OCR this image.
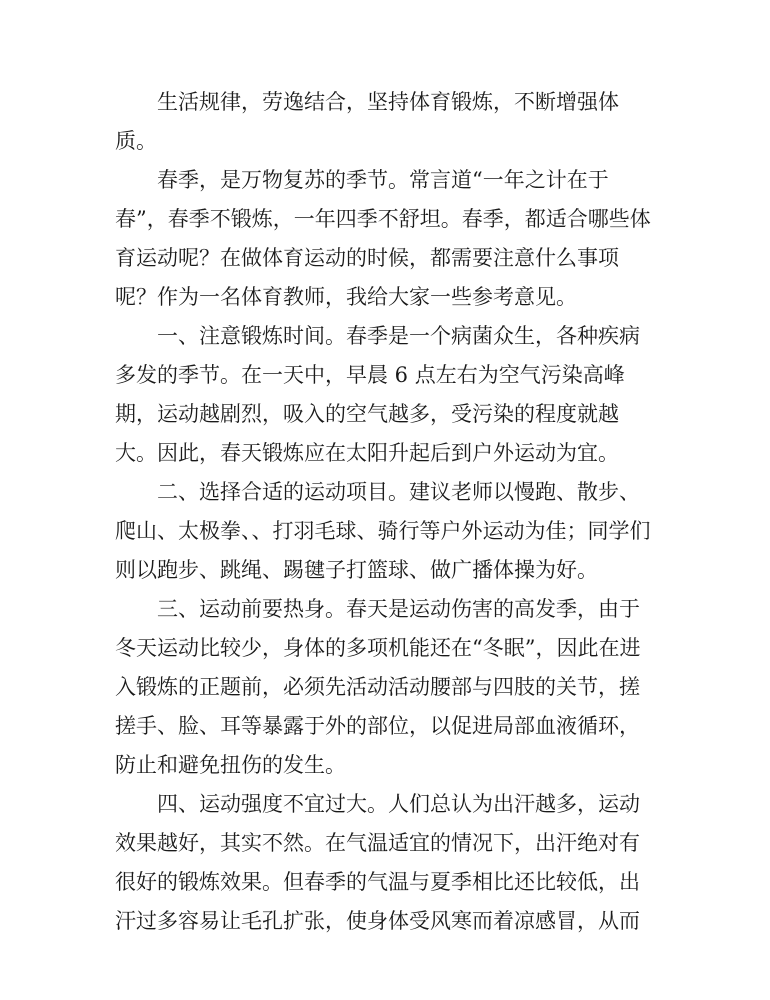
　　生活规律，劳逸结合，坚持体育锻炼，不断增强体

质。

　　春季，是万物复苏的季节。常言道“一年之计在于

春”，春季不锻炼，一年四季不舒坦。春季，都适合哪些体

育运动呢？在做体育运动的时候，都需要注意什么事项

呢？作为一名体育教师，我给大家一些参考意见。

　　一、注意锻炼时间。春季是一个病菌众生，各种疾病

多发的季节。在一天中，早晨 6 点左右为空气污染高峰

期，运动越剧烈，吸入的空气越多，受污染的程度就越

大。因此，春天锻炼应在太阳升起后到户外运动为宜。

　　二、选择合适的运动项目。建议老师以慢跑、散步、

爬山、太极拳、、打羽毛球、骑行等户外运动为佳；同学们

则以跑步、跳绳、踢毽子打篮球、做广播体操为好。

　　三、运动前要热身。春天是运动伤害的高发季，由于

冬天运动比较少，身体的多项机能还在“冬眠”，因此在进

入锻炼的正题前，必须先活动活动腰部与四肢的关节，搓

搓手、脸、耳等暴露于外的部位，以促进局部血液循环，

防止和避免扭伤的发生。

　　四、运动强度不宜过大。人们总认为出汗越多，运动

效果越好，其实不然。在气温适宜的情况下，出汗绝对有

很好的锻炼效果。但春季的气温与夏季相比还比较低，出

汗过多容易让毛孔扩张，使身体受风寒而着凉感冒，从而
